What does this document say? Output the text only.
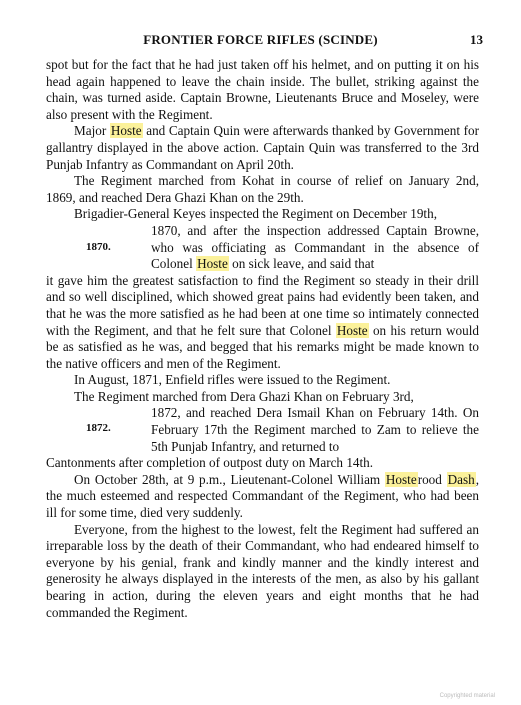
FRONTIER FORCE RIFLES (SCINDE)	13

spot but for the fact that he had just taken off his helmet, and on putting it on his head again happened to leave the chain inside. The bullet, striking against the chain, was turned aside. Captain Browne, Lieutenants Bruce and Moseley, were also present with the Regiment.

Major Hoste and Captain Quin were afterwards thanked by Government for gallantry displayed in the above action. Captain Quin was transferred to the 3rd Punjab Infantry as Commandant on April 20th.

The Regiment marched from Kohat in course of relief on January 2nd, 1869, and reached Dera Ghazi Khan on the 29th.

Brigadier-General Keyes inspected the Regiment on December 19th,

1870.

1870, and after the inspection addressed Captain Browne, who was officiating as Commandant in the absence of Colonel Hoste on sick leave, and said that

it gave him the greatest satisfaction to find the Regiment so steady in their drill and so well disciplined, which showed great pains had evidently been taken, and that he was the more satisfied as he had been at one time so intimately connected with the Regiment, and that he felt sure that Colonel Hoste on his return would be as satisfied as he was, and begged that his remarks might be made known to the native officers and men of the Regiment.

In August, 1871, Enfield rifles were issued to the Regiment.

The Regiment marched from Dera Ghazi Khan on February 3rd,

1872.

1872, and reached Dera Ismail Khan on February 14th. On February 17th the Regiment marched to Zam to relieve the 5th Punjab Infantry, and returned to

Cantonments after completion of outpost duty on March 14th.

On October 28th, at 9 p.m., Lieutenant-Colonel William Hosterood Dash, the much esteemed and respected Commandant of the Regiment, who had been ill for some time, died very suddenly.

Everyone, from the highest to the lowest, felt the Regiment had suffered an irreparable loss by the death of their Commandant, who had endeared himself to everyone by his genial, frank and kindly manner and the kindly interest and generosity he always displayed in the interests of the men, as also by his gallant bearing in action, during the eleven years and eight months that he had commanded the Regiment.

Copyrighted material
